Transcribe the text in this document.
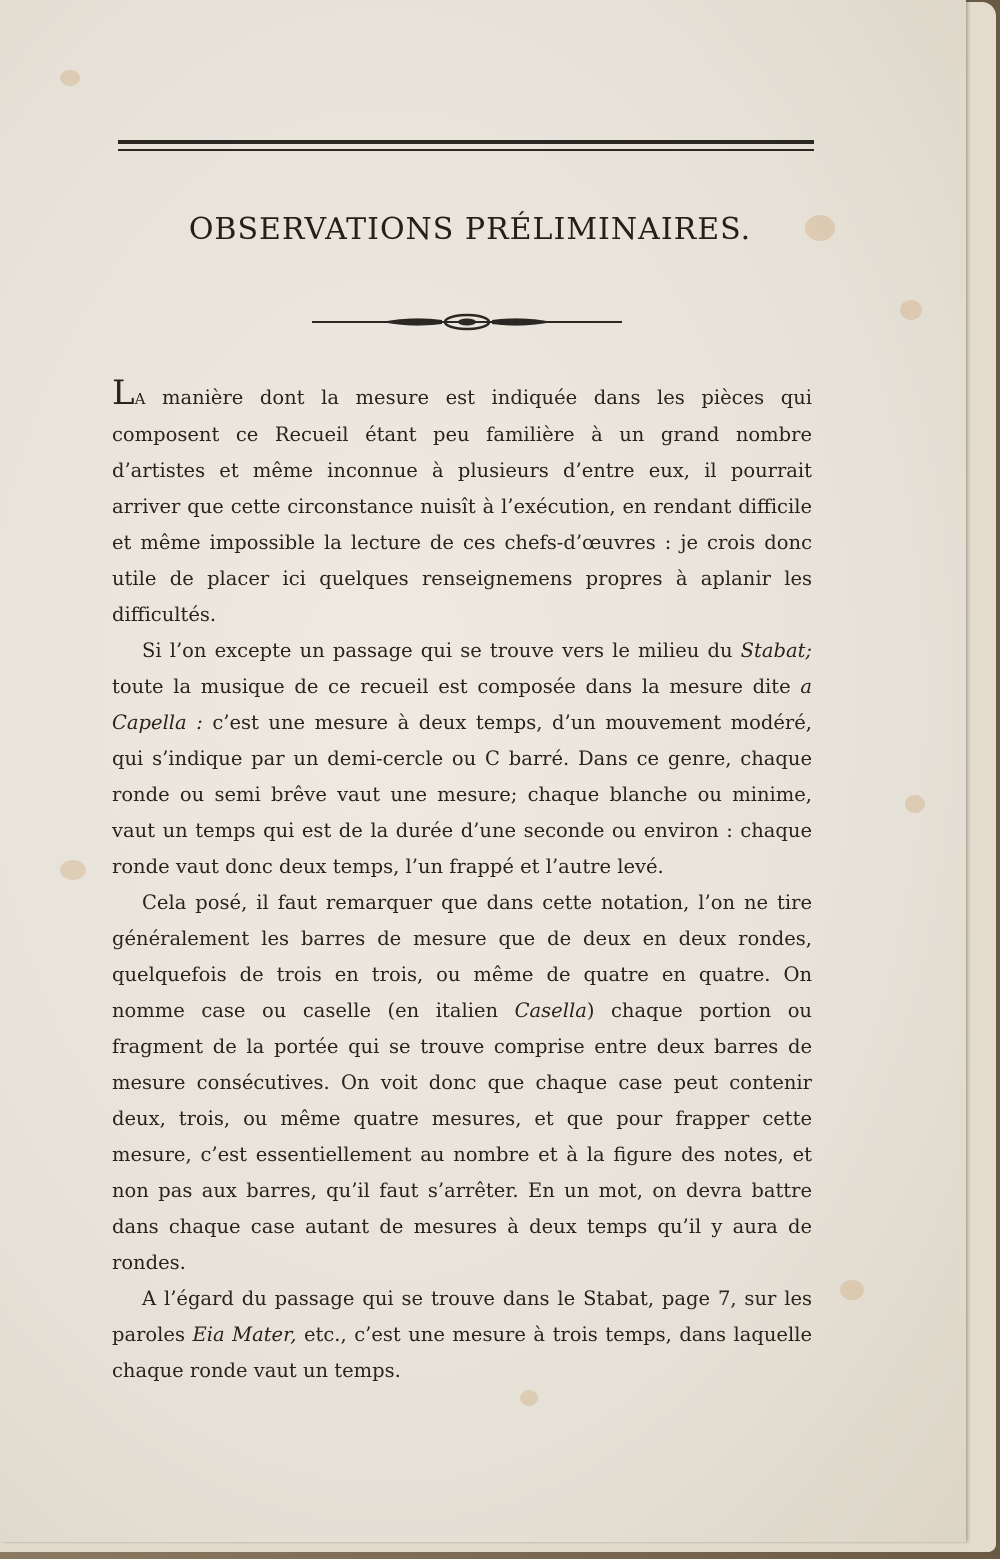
OBSERVATIONS PRÉLIMINAIRES.

LA manière dont la mesure est indiquée dans les pièces qui composent ce Recueil étant peu familière à un grand nombre d’artistes et même inconnue à plusieurs d’entre eux, il pourrait arriver que cette circonstance nuisît à l’exécution, en rendant difficile et même impossible la lecture de ces chefs-d’œuvres : je crois donc utile de placer ici quelques renseignemens propres à aplanir les difficultés.

Si l’on excepte un passage qui se trouve vers le milieu du Stabat; toute la musique de ce recueil est composée dans la mesure dite a Capella : c’est une mesure à deux temps, d’un mouvement modéré, qui s’indique par un demi-cercle ou C barré. Dans ce genre, chaque ronde ou semi brêve vaut une mesure; chaque blanche ou minime, vaut un temps qui est de la durée d’une seconde ou environ : chaque ronde vaut donc deux temps, l’un frappé et l’autre levé.

Cela posé, il faut remarquer que dans cette notation, l’on ne tire généralement les barres de mesure que de deux en deux rondes, quelquefois de trois en trois, ou même de quatre en quatre. On nomme case ou caselle (en italien Casella) chaque portion ou fragment de la portée qui se trouve comprise entre deux barres de mesure consécutives. On voit donc que chaque case peut contenir deux, trois, ou même quatre mesures, et que pour frapper cette mesure, c’est essentiellement au nombre et à la figure des notes, et non pas aux barres, qu’il faut s’arrêter. En un mot, on devra battre dans chaque case autant de mesures à deux temps qu’il y aura de rondes.

A l’égard du passage qui se trouve dans le Stabat, page 7, sur les paroles Eia Mater, etc., c’est une mesure à trois temps, dans laquelle chaque ronde vaut un temps.
